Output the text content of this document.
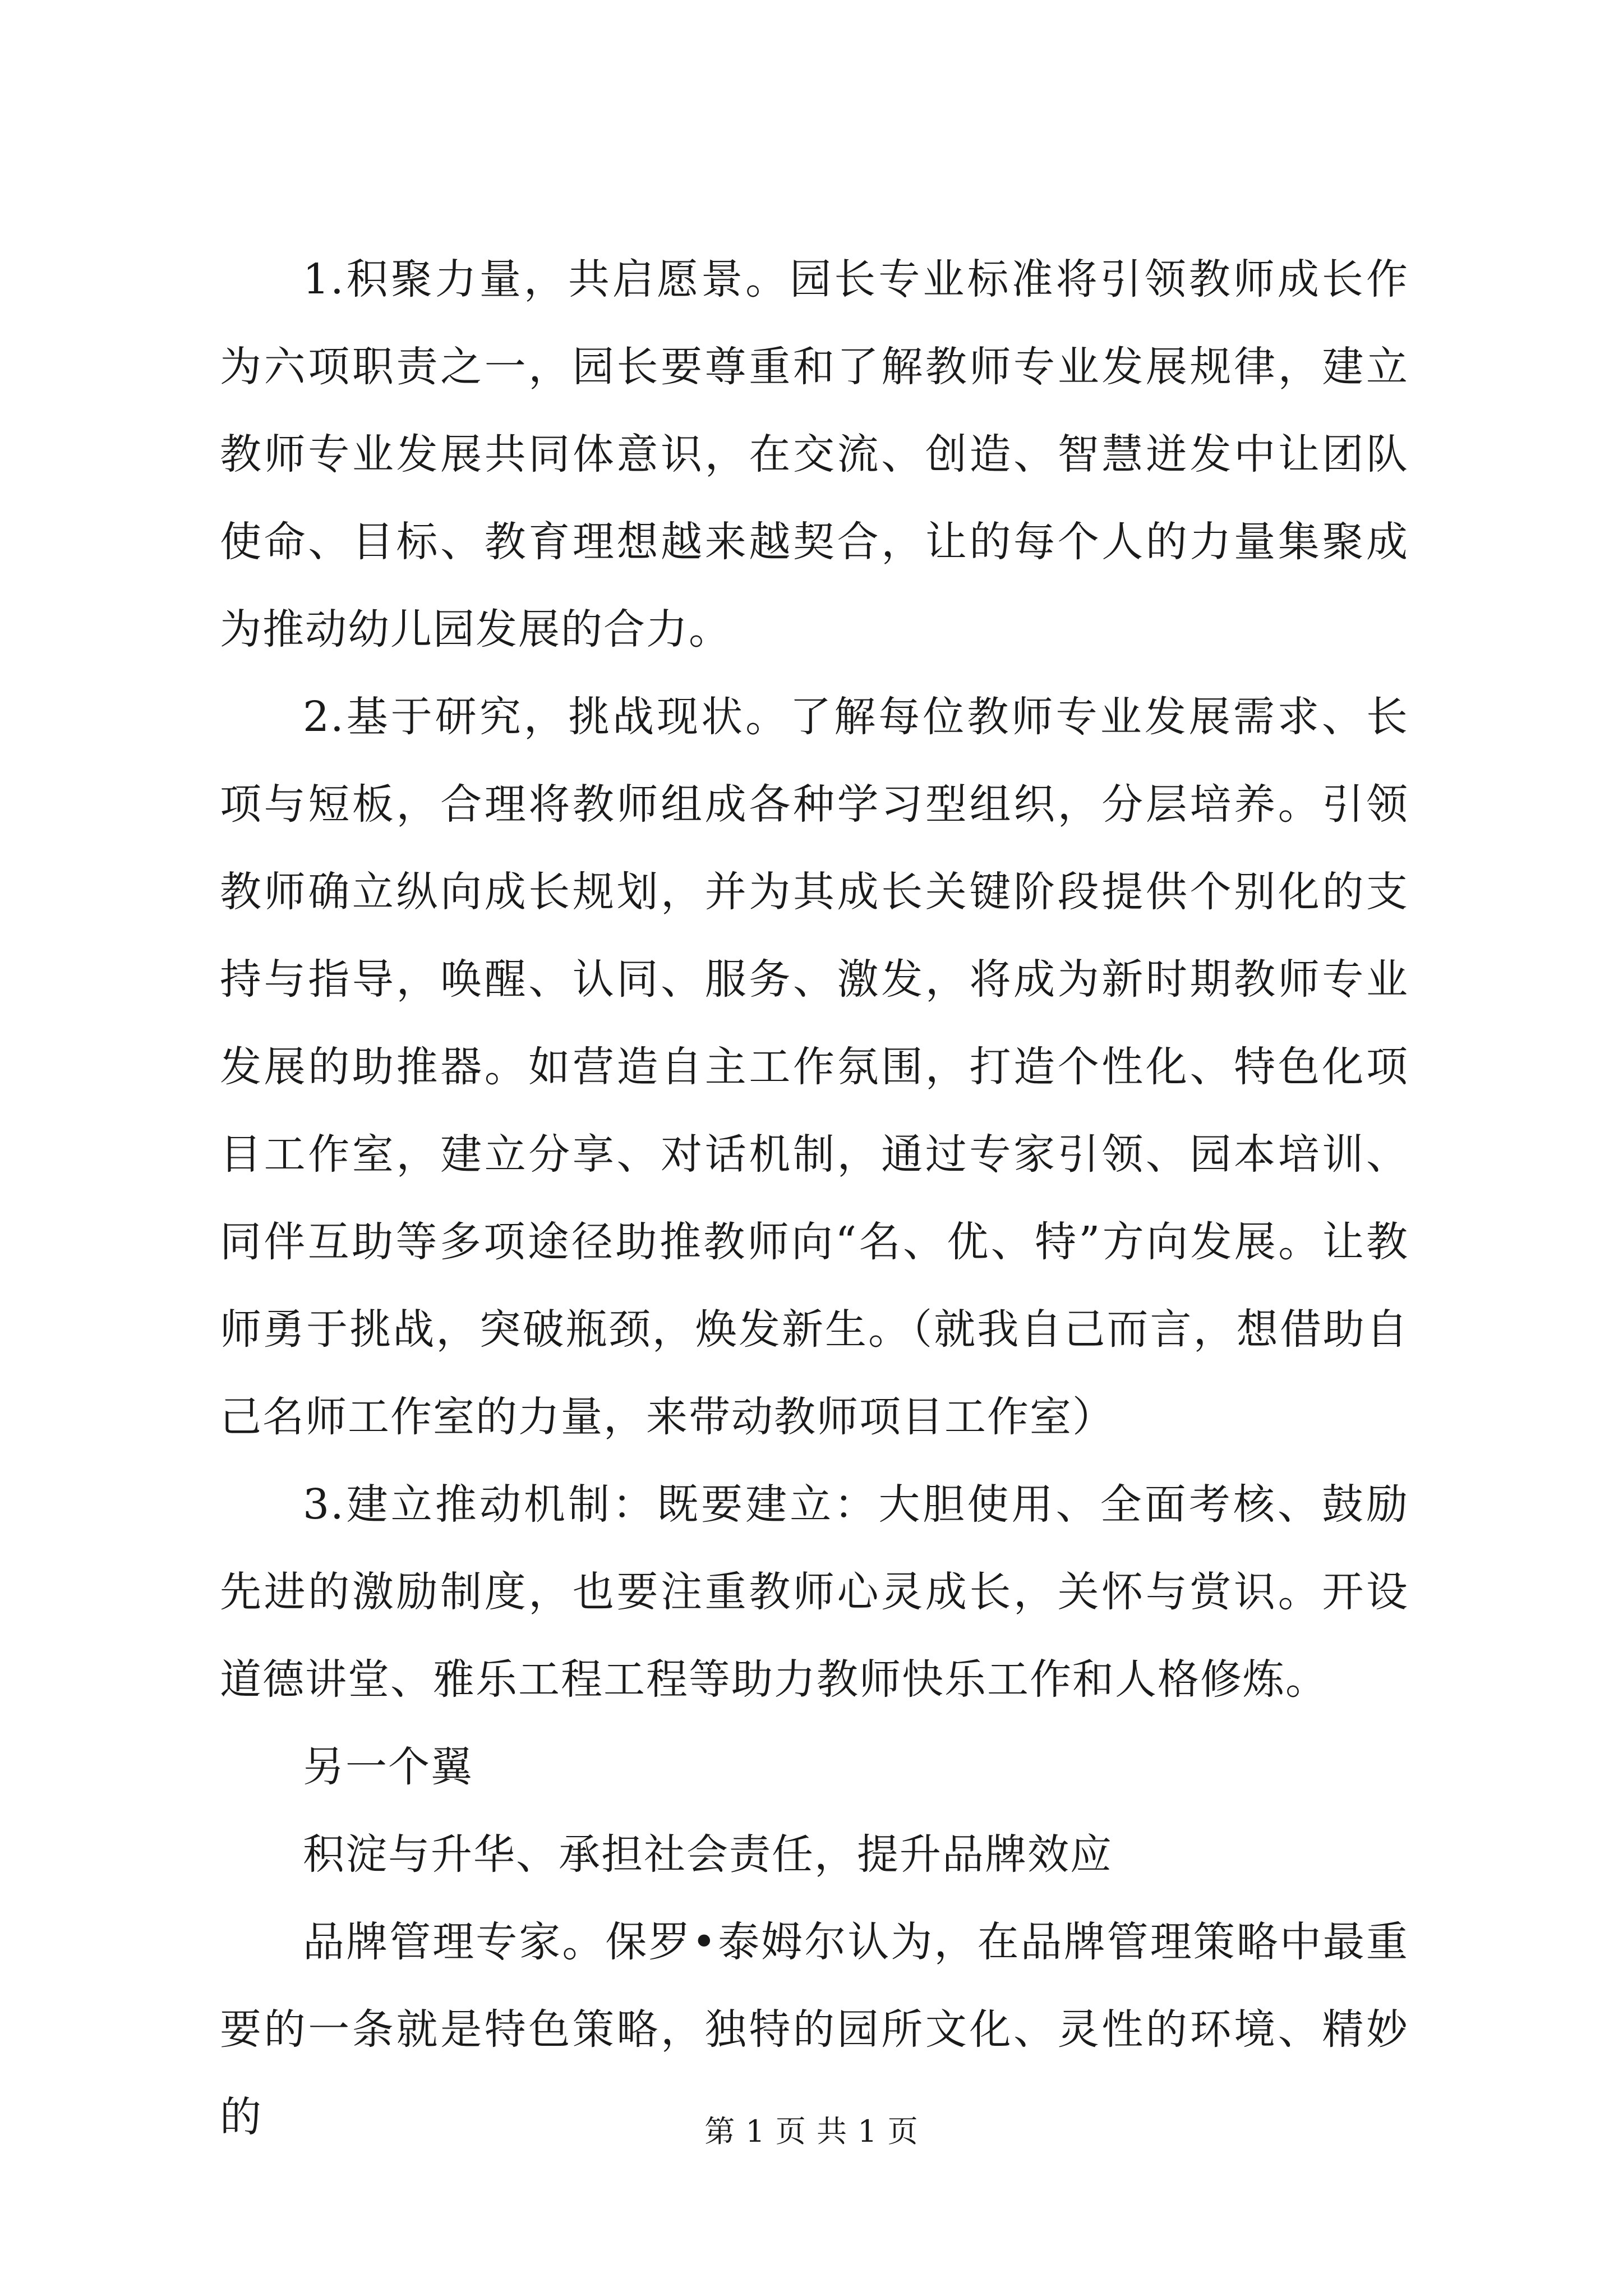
1.积聚力量，共启愿景。园长专业标准将引领教师成长作为六项职责之一，园长要尊重和了解教师专业发展规律，建立教师专业发展共同体意识，在交流、创造、智慧迸发中让团队使命、目标、教育理想越来越契合，让的每个人的力量集聚成为推动幼儿园发展的合力。

2.基于研究，挑战现状。了解每位教师专业发展需求、长项与短板，合理将教师组成各种学习型组织，分层培养。引领教师确立纵向成长规划，并为其成长关键阶段提供个别化的支持与指导，唤醒、认同、服务、激发，将成为新时期教师专业发展的助推器。如营造自主工作氛围，打造个性化、特色化项目工作室，建立分享、对话机制，通过专家引领、园本培训、同伴互助等多项途径助推教师向“名、优、特”方向发展。让教师勇于挑战，突破瓶颈，焕发新生。（就我自己而言，想借助自己名师工作室的力量，来带动教师项目工作室）

3.建立推动机制：既要建立：大胆使用、全面考核、鼓励先进的激励制度，也要注重教师心灵成长，关怀与赏识。开设道德讲堂、雅乐工程工程等助力教师快乐工作和人格修炼。

另一个翼

积淀与升华、承担社会责任，提升品牌效应

品牌管理专家。保罗•泰姆尔认为，在品牌管理策略中最重要的一条就是特色策略，独特的园所文化、灵性的环境、精妙的	第 1 页 共 1 页
